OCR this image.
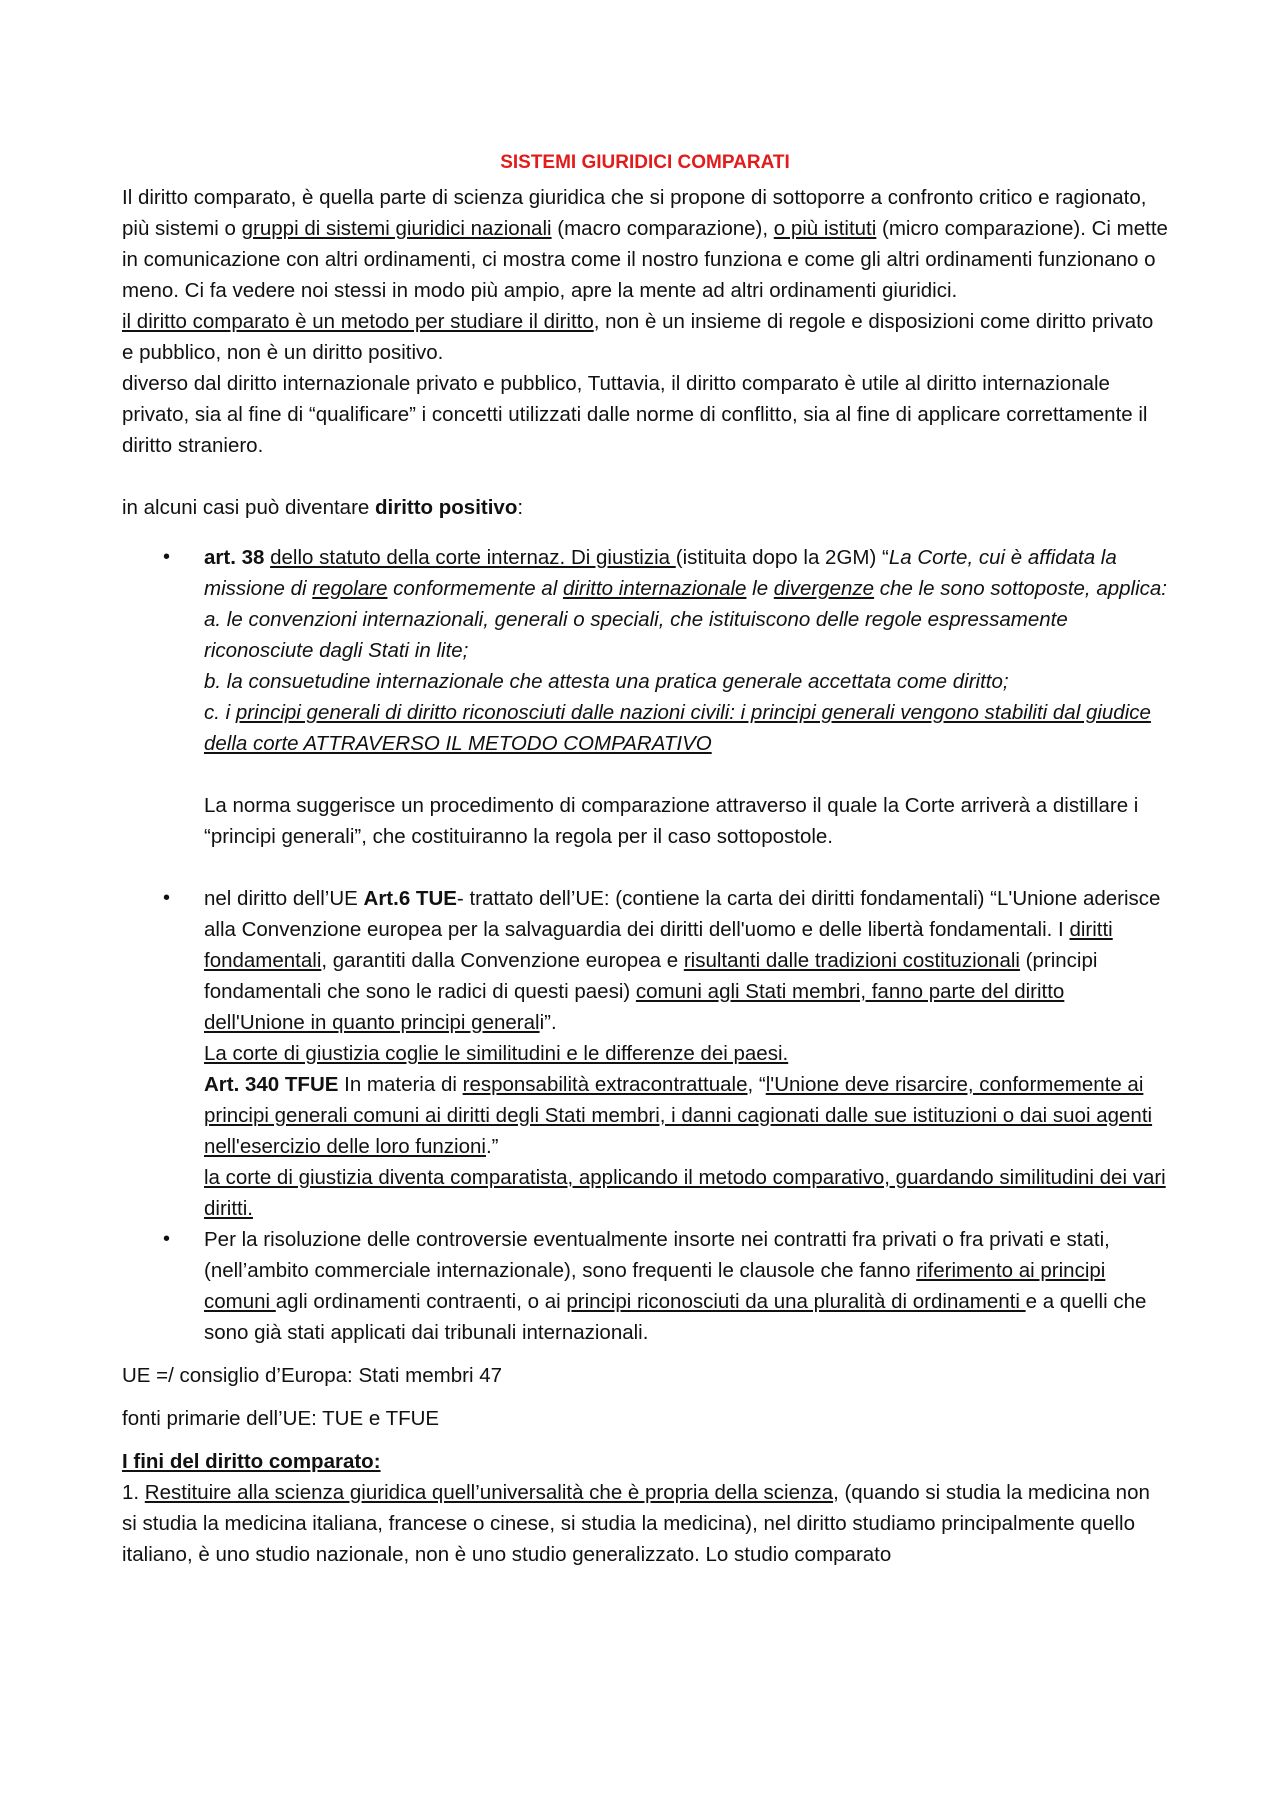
SISTEMI GIURIDICI COMPARATI

Il diritto comparato, è quella parte di scienza giuridica che si propone di sottoporre a confronto critico e ragionato, più sistemi o gruppi di sistemi giuridici nazionali (macro comparazione), o più istituti (micro comparazione). Ci mette in comunicazione con altri ordinamenti, ci mostra come il nostro funziona e come gli altri ordinamenti funzionano o meno. Ci fa vedere noi stessi in modo più ampio, apre la mente ad altri ordinamenti giuridici.

il diritto comparato è un metodo per studiare il diritto, non è un insieme di regole e disposizioni come diritto privato e pubblico, non è un diritto positivo.

diverso dal diritto internazionale privato e pubblico, Tuttavia, il diritto comparato è utile al diritto internazionale privato, sia al fine di “qualificare” i concetti utilizzati dalle norme di conflitto, sia al fine di applicare correttamente il diritto straniero.

in alcuni casi può diventare diritto positivo:

• art. 38 dello statuto della corte internaz. Di giustizia (istituita dopo la 2GM) “La Corte, cui è affidata la missione di regolare conformemente al diritto internazionale le divergenze che le sono sottoposte, applica:

a. le convenzioni internazionali, generali o speciali, che istituiscono delle regole espressamente riconosciute dagli Stati in lite;

b. la consuetudine internazionale che attesta una pratica generale accettata come diritto;

c. i principi generali di diritto riconosciuti dalle nazioni civili: i principi generali vengono stabiliti dal giudice della corte ATTRAVERSO IL METODO COMPARATIVO

La norma suggerisce un procedimento di comparazione attraverso il quale la Corte arriverà a distillare i “principi generali”, che costituiranno la regola per il caso sottopostole.

• nel diritto dell’UE Art.6 TUE- trattato dell’UE: (contiene la carta dei diritti fondamentali) “L'Unione aderisce alla Convenzione europea per la salvaguardia dei diritti dell'uomo e delle libertà fondamentali. I diritti fondamentali, garantiti dalla Convenzione europea e risultanti dalle tradizioni costituzionali (principi fondamentali che sono le radici di questi paesi) comuni agli Stati membri, fanno parte del diritto dell'Unione in quanto principi generali”.

La corte di giustizia coglie le similitudini e le differenze dei paesi.

Art. 340 TFUE In materia di responsabilità extracontrattuale, “l'Unione deve risarcire, conformemente ai principi generali comuni ai diritti degli Stati membri, i danni cagionati dalle sue istituzioni o dai suoi agenti nell'esercizio delle loro funzioni.”

la corte di giustizia diventa comparatista, applicando il metodo comparativo, guardando similitudini dei vari diritti.

• Per la risoluzione delle controversie eventualmente insorte nei contratti fra privati o fra privati e stati, (nell’ambito commerciale internazionale), sono frequenti le clausole che fanno riferimento ai principi comuni agli ordinamenti contraenti, o ai principi riconosciuti da una pluralità di ordinamenti e a quelli che sono già stati applicati dai tribunali internazionali.

UE =/ consiglio d’Europa: Stati membri 47

fonti primarie dell’UE: TUE e TFUE

I fini del diritto comparato:

1. Restituire alla scienza giuridica quell’universalità che è propria della scienza, (quando si studia la medicina non si studia la medicina italiana, francese o cinese, si studia la medicina), nel diritto studiamo principalmente quello italiano, è uno studio nazionale, non è uno studio generalizzato. Lo studio comparato
